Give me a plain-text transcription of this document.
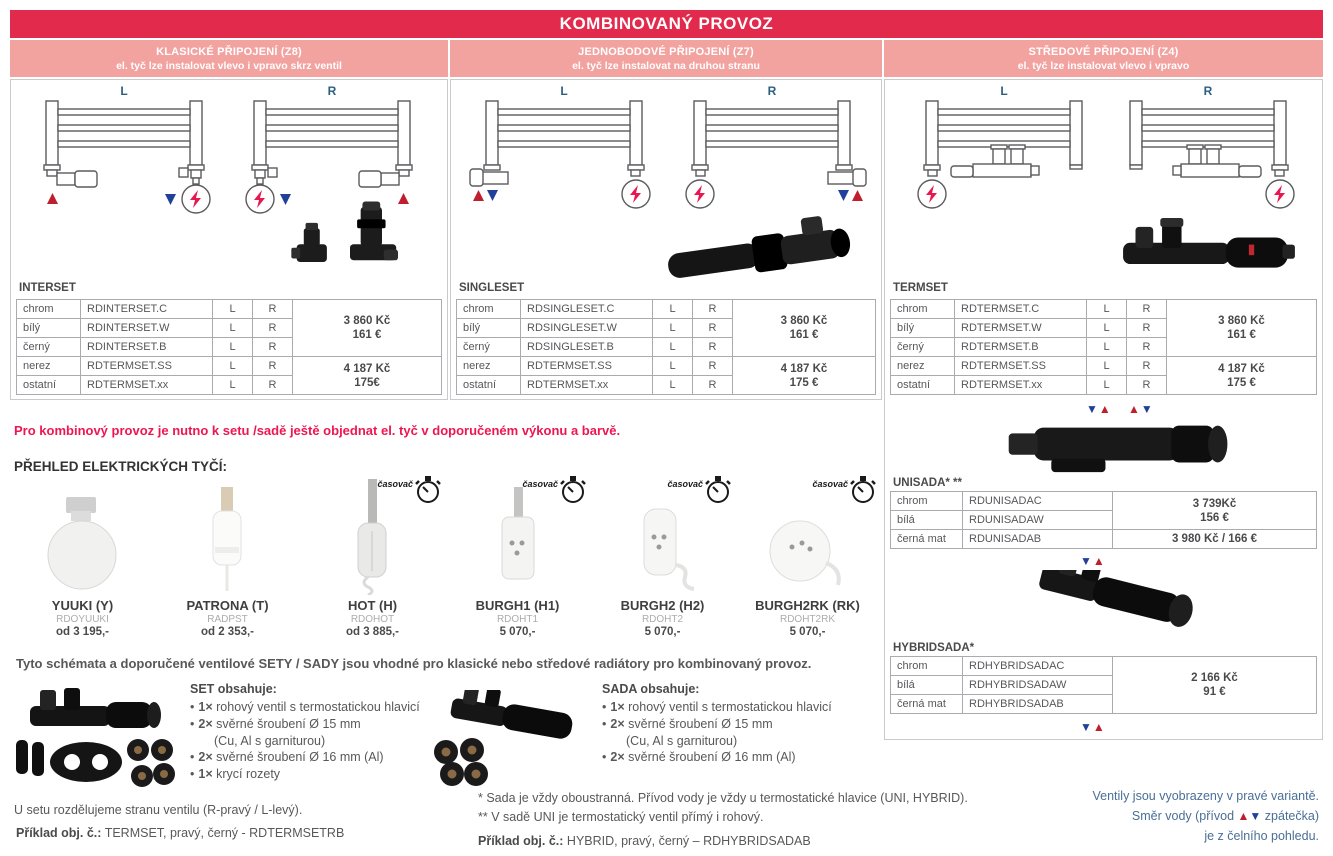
KOMBINOVANÝ PROVOZ
KLASICKÉ PŘIPOJENÍ (Z8)
el. tyč lze instalovat vlevo i vpravo skrz ventil
JEDNOBODOVÉ PŘIPOJENÍ (Z7)
el. tyč lze instalovat na druhou stranu
STŘEDOVÉ PŘIPOJENÍ (Z4)
el. tyč lze instalovat vlevo i vpravo
L	R
INTERSET
chrom	RDINTERSET.C	L	R	3 860 Kč
161 €

bílý	RDINTERSET.W	L	R	
černý	RDINTERSET.B	L	R	
nerez	RDTERMSET.SS	L	R	4 187 Kč
175€

ostatní	RDTERMSET.xx	L	R	
L	R
SINGLESET
chrom	RDSINGLESET.C	L	R	3 860 Kč
161 €

bílý	RDSINGLESET.W	L	R	
černý	RDSINGLESET.B	L	R	
nerez	RDTERMSET.SS	L	R	4 187 Kč
175 €

ostatní	RDTERMSET.xx	L	R	
L	R
TERMSET
chrom	RDTERMSET.C	L	R	3 860 Kč
161 €

bílý	RDTERMSET.W	L	R	
černý	RDTERMSET.B	L	R	
nerez	RDTERMSET.SS	L	R	4 187 Kč
175 €

ostatní	RDTERMSET.xx	L	R	
▼▲ ▲▼
UNISADA* **
chrom	RDUNISADAC	3 739Kč
156 €

bílá	RDUNISADAW	
černá mat	RDUNISADAB	3 980 Kč / 166 €
▼▲
HYBRIDSADA*
chrom	RDHYBRIDSADAC	2 166 Kč
91 €

bílá	RDHYBRIDSADAW	
černá mat	RDHYBRIDSADAB	
▼▲
Pro kombinový provoz je nutno k setu /sadě ještě objednat el. tyč v doporučeném výkonu a barvě.
PŘEHLED ELEKTRICKÝCH TYČÍ:
YUUKI (Y)
RDOYUUKI
od 3 195,-
PATRONA (T)
RADPST
od 2 353,-
časovač
HOT (H)
RDOHOT
od 3 885,-
časovač
BURGH1 (H1)
RDOHT1
5 070,-
časovač
BURGH2 (H2)
RDOHT2
5 070,-
časovač
BURGH2RK (RK)
RDOHT2RK
5 070,-
Tyto schémata a doporučené ventilové SETY / SADY jsou vhodné pro klasické nebo středové radiátory pro kombinovaný provoz.
SET obsahuje:
• 1× rohový ventil s termostatickou hlavicí
• 2× svěrné šroubení Ø 15 mm
(Cu, Al s garniturou)
• 2× svěrné šroubení Ø 16 mm (Al)
• 1× krycí rozety
SADA obsahuje:
• 1× rohový ventil s termostatickou hlavicí
• 2× svěrné šroubení Ø 15 mm
(Cu, Al s garniturou)
• 2× svěrné šroubení Ø 16 mm (Al)
U setu rozdělujeme stranu ventilu (R-pravý / L-levý).
Příklad obj. č.: TERMSET, pravý, černý - RDTERMSETRB
* Sada je vždy oboustranná. Přívod vody je vždy u termostatické hlavice (UNI, HYBRID).
** V sadě UNI je termostatický ventil přímý i rohový.
Příklad obj. č.: HYBRID, pravý, černý – RDHYBRIDSADAB
Ventily jsou vyobrazeny v pravé variantě.
Směr vody (přívod ▲▼ zpátečka)
je z čelního pohledu.
